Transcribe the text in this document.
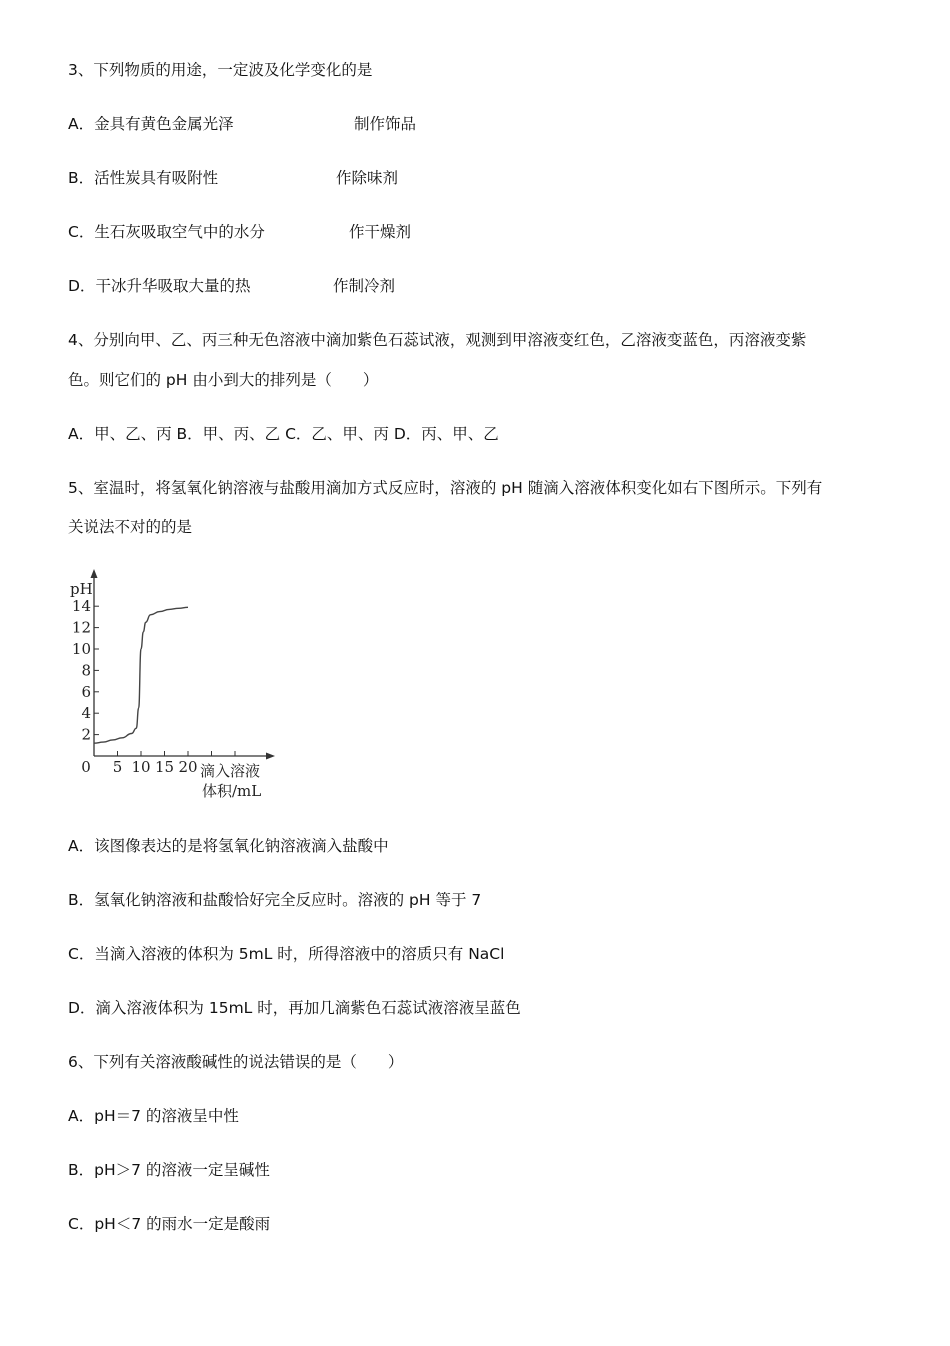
3、下列物质的用途，一定波及化学变化的是
A．金具有黄色金属光泽	制作饰品
B．活性炭具有吸附性	作除味剂
C．生石灰吸取空气中的水分	作干燥剂
D．干冰升华吸取大量的热	作制冷剂
4、分别向甲、乙、丙三种无色溶液中滴加紫色石蕊试液，观测到甲溶液变红色，乙溶液变蓝色，丙溶液变紫
色。则它们的 pH 由小到大的排列是（　　）
A．甲、乙、丙 B．甲、丙、乙 C．乙、甲、丙 D．丙、甲、乙
5、室温时，将氢氧化钠溶液与盐酸用滴加方式反应时，溶液的 pH 随滴入溶液体积变化如右下图所示。下列有
关说法不对的的是
pH
2
4
6
8
10
12
14
0 5 10 15 20 滴入溶液
体积/mL
A．该图像表达的是将氢氧化钠溶液滴入盐酸中
B．氢氧化钠溶液和盐酸恰好完全反应时。溶液的 pH 等于 7
C．当滴入溶液的体积为 5mL 时，所得溶液中的溶质只有 NaCl
D．滴入溶液体积为 15mL 时，再加几滴紫色石蕊试液溶液呈蓝色
6、下列有关溶液酸碱性的说法错误的是（　　）
A．pH＝7 的溶液呈中性
B．pH＞7 的溶液一定呈碱性
C．pH＜7 的雨水一定是酸雨
